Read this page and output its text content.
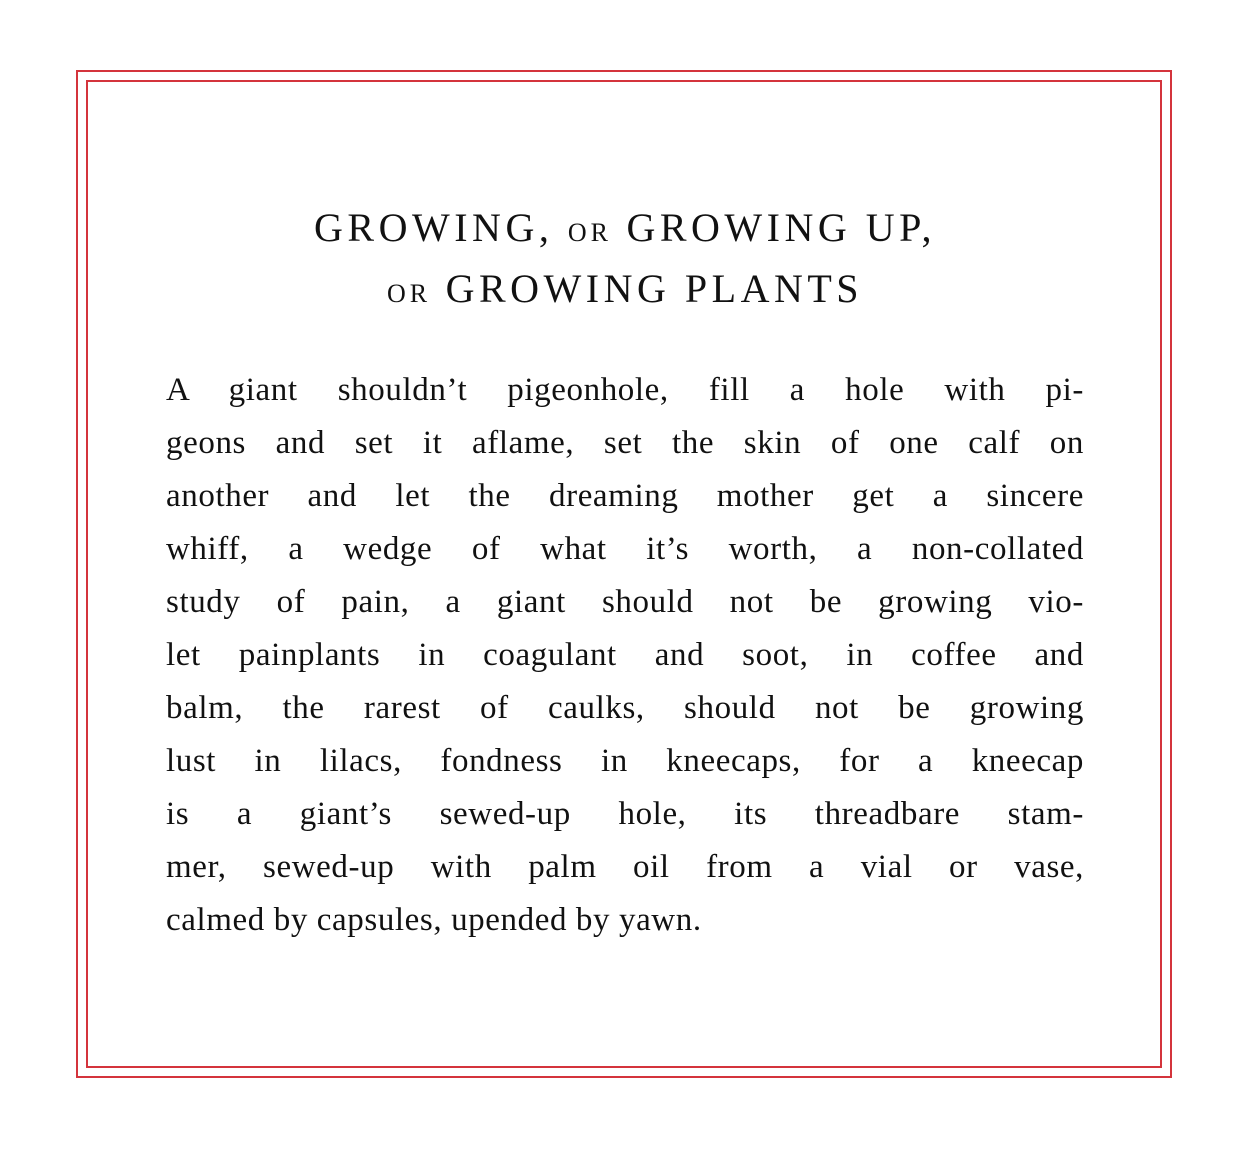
GROWING, OR GROWING UP,
OR GROWING PLANTS
A giant shouldn’t pigeonhole, fill a hole with pi-
geons and set it aflame, set the skin of one calf on
another and let the dreaming mother get a sincere
whiff, a wedge of what it’s worth, a non-collated
study of pain, a giant should not be growing vio-
let painplants in coagulant and soot, in coffee and
balm, the rarest of caulks, should not be growing
lust in lilacs, fondness in kneecaps, for a kneecap
is a giant’s sewed-up hole, its threadbare stam-
mer, sewed-up with palm oil from a vial or vase,
calmed by capsules, upended by yawn.
